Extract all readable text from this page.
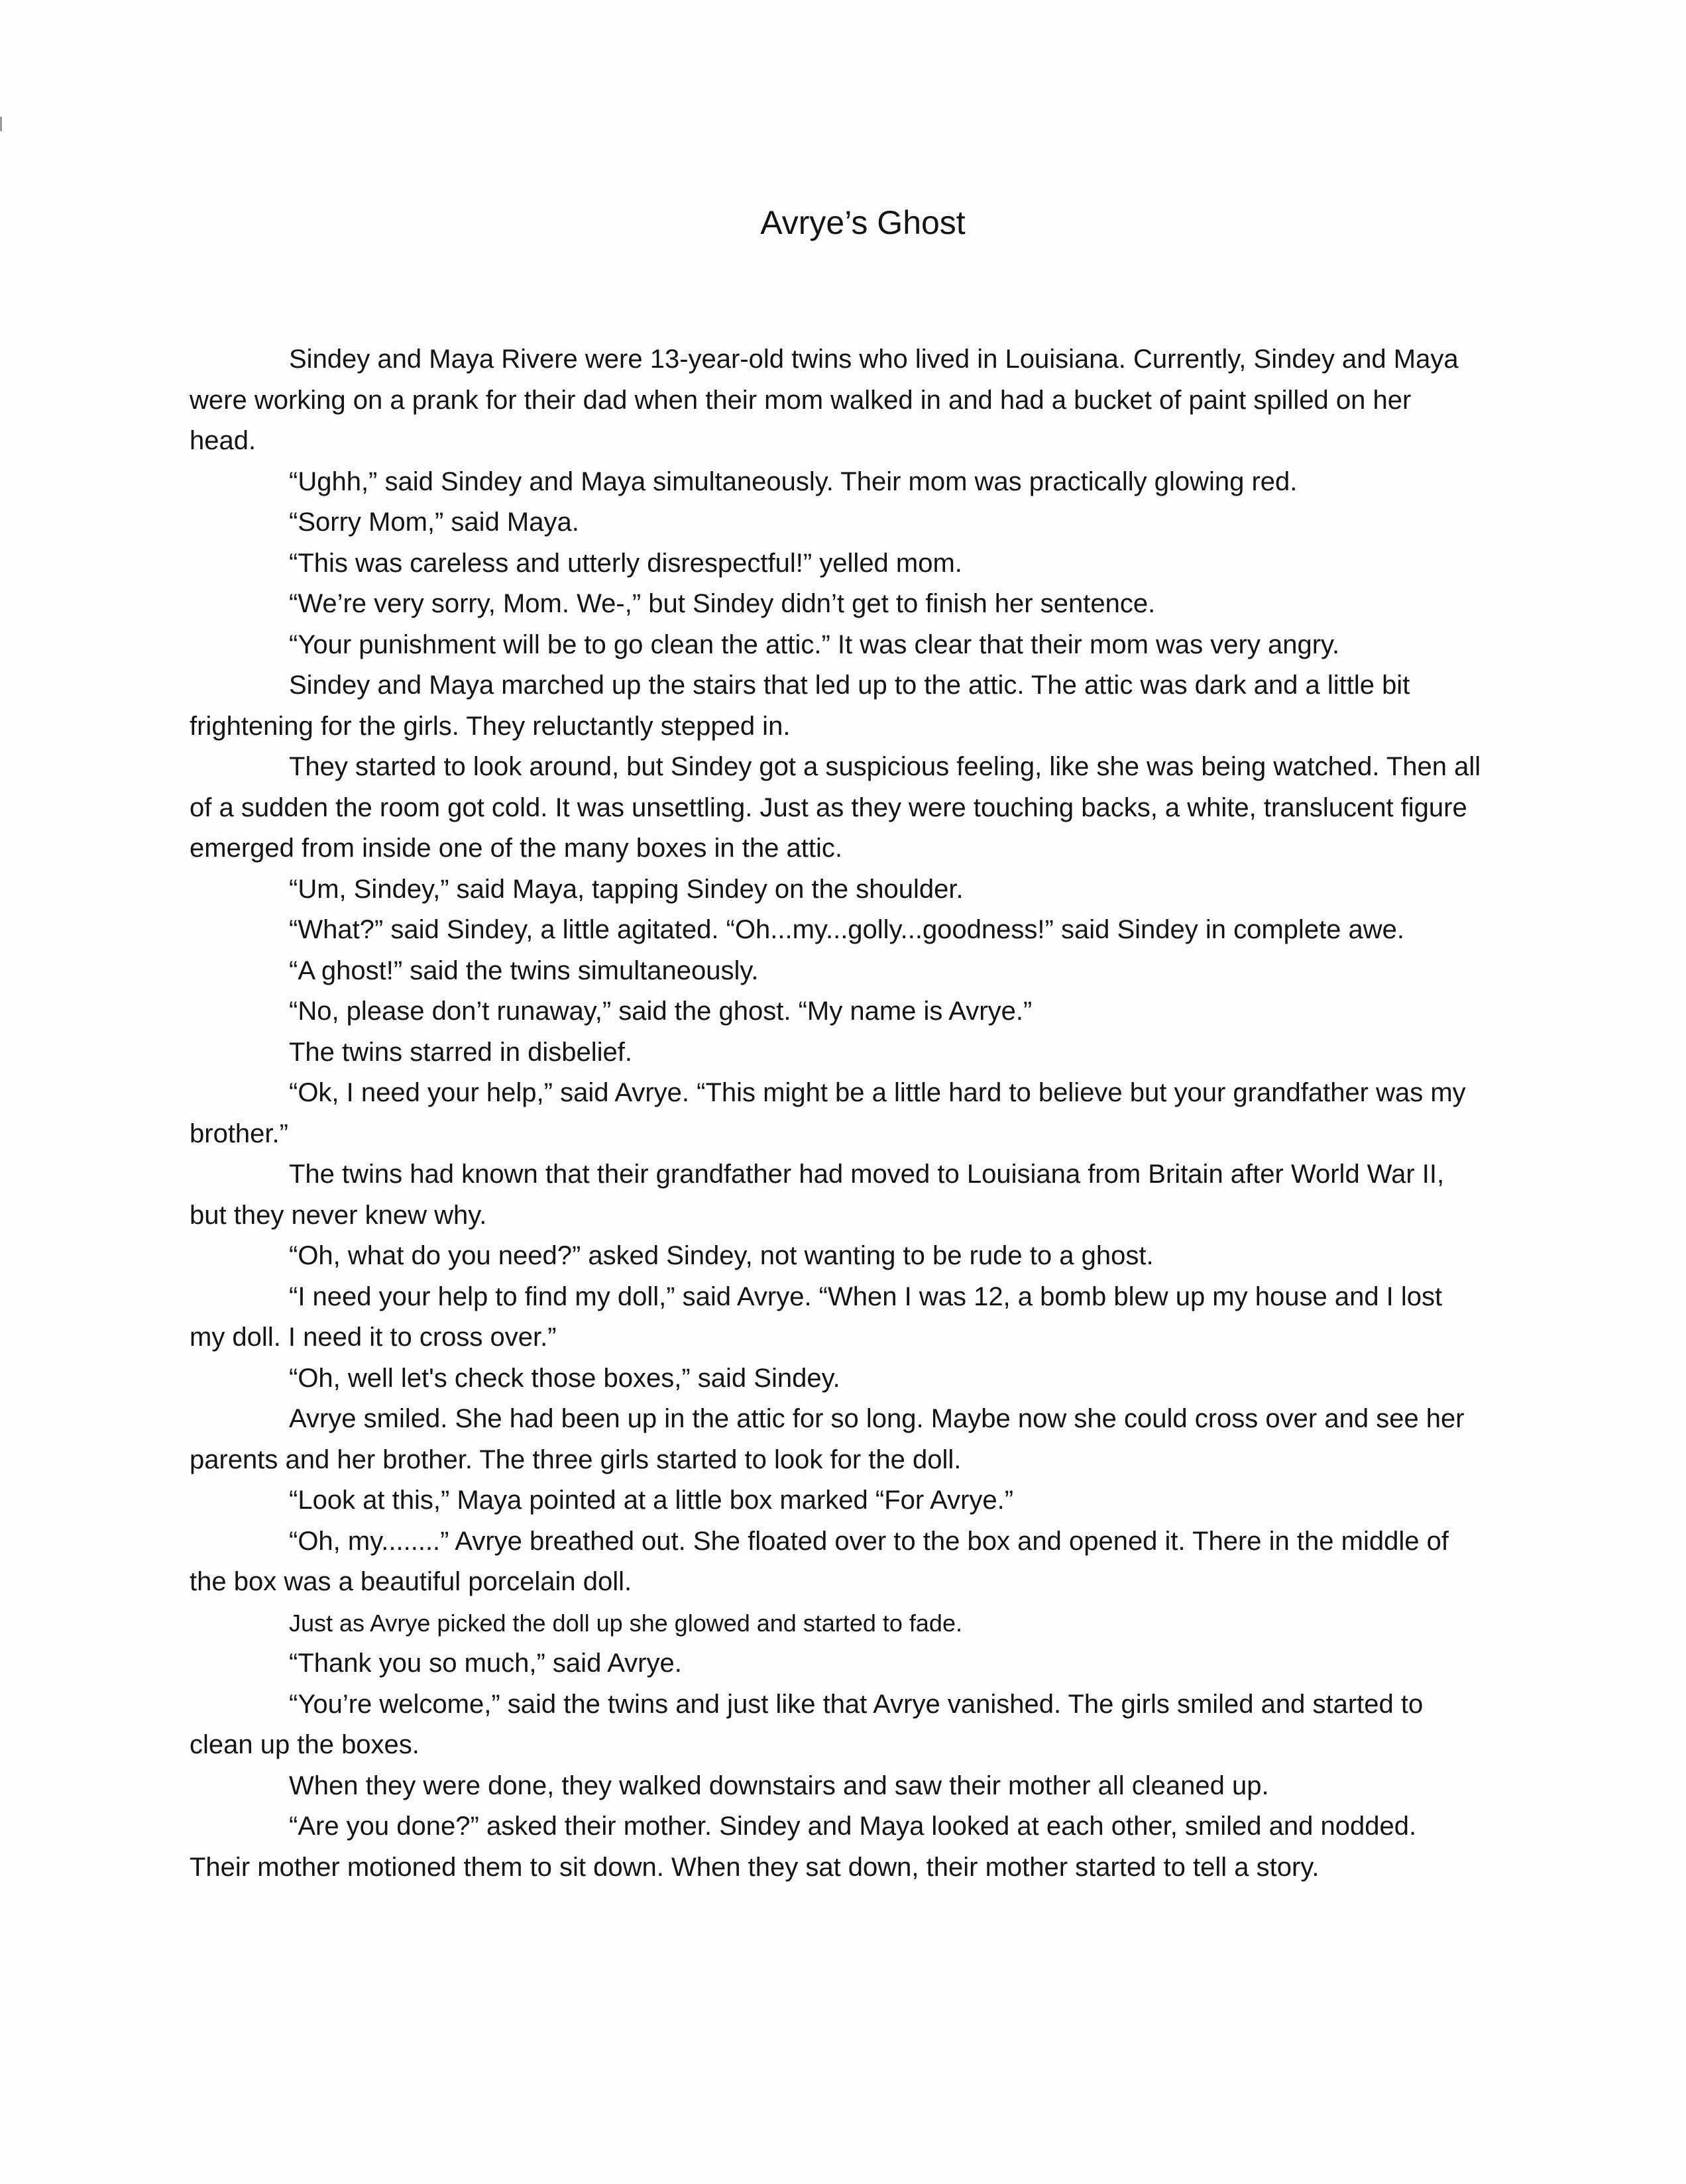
Avrye’s Ghost

Sindey and Maya Rivere were 13-year-old twins who lived in Louisiana. Currently, Sindey and Maya were working on a prank for their dad when their mom walked in and had a bucket of paint spilled on her head.

“Ughh,” said Sindey and Maya simultaneously. Their mom was practically glowing red.

“Sorry Mom,” said Maya.

“This was careless and utterly disrespectful!” yelled mom.

“We’re very sorry, Mom. We-,” but Sindey didn’t get to finish her sentence.

“Your punishment will be to go clean the attic.” It was clear that their mom was very angry.

Sindey and Maya marched up the stairs that led up to the attic. The attic was dark and a little bit frightening for the girls. They reluctantly stepped in.

They started to look around, but Sindey got a suspicious feeling, like she was being watched. Then all of a sudden the room got cold. It was unsettling. Just as they were touching backs, a white, translucent figure emerged from inside one of the many boxes in the attic.

“Um, Sindey,” said Maya, tapping Sindey on the shoulder.

“What?” said Sindey, a little agitated. “Oh...my...golly...goodness!” said Sindey in complete awe.

“A ghost!” said the twins simultaneously.

“No, please don’t runaway,” said the ghost. “My name is Avrye.”

The twins starred in disbelief.

“Ok, I need your help,” said Avrye. “This might be a little hard to believe but your grandfather was my brother.”

The twins had known that their grandfather had moved to Louisiana from Britain after World War II, but they never knew why.

“Oh, what do you need?” asked Sindey, not wanting to be rude to a ghost.

“I need your help to find my doll,” said Avrye. “When I was 12, a bomb blew up my house and I lost my doll. I need it to cross over.”

“Oh, well let's check those boxes,” said Sindey.

Avrye smiled. She had been up in the attic for so long. Maybe now she could cross over and see her parents and her brother. The three girls started to look for the doll.

“Look at this,” Maya pointed at a little box marked “For Avrye.”

“Oh, my........” Avrye breathed out. She floated over to the box and opened it. There in the middle of the box was a beautiful porcelain doll.

Just as Avrye picked the doll up she glowed and started to fade.

“Thank you so much,” said Avrye.

“You’re welcome,” said the twins and just like that Avrye vanished. The girls smiled and started to clean up the boxes.

When they were done, they walked downstairs and saw their mother all cleaned up.

“Are you done?” asked their mother. Sindey and Maya looked at each other, smiled and nodded. Their mother motioned them to sit down. When they sat down, their mother started to tell a story.
